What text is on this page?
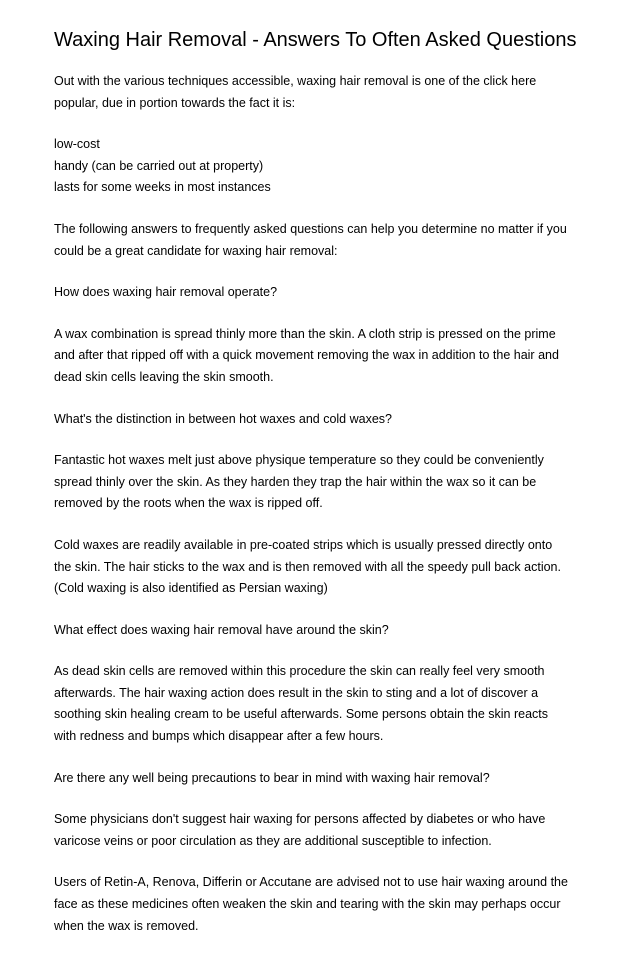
Waxing Hair Removal - Answers To Often Asked Questions

Out with the various techniques accessible, waxing hair removal is one of the click here
popular, due in portion towards the fact it is:

low-cost
handy (can be carried out at property)
lasts for some weeks in most instances

The following answers to frequently asked questions can help you determine no matter if you
could be a great candidate for waxing hair removal:

How does waxing hair removal operate?

A wax combination is spread thinly more than the skin. A cloth strip is pressed on the prime
and after that ripped off with a quick movement removing the wax in addition to the hair and
dead skin cells leaving the skin smooth.

What's the distinction in between hot waxes and cold waxes?

Fantastic hot waxes melt just above physique temperature so they could be conveniently
spread thinly over the skin. As they harden they trap the hair within the wax so it can be
removed by the roots when the wax is ripped off.

Cold waxes are readily available in pre-coated strips which is usually pressed directly onto
the skin. The hair sticks to the wax and is then removed with all the speedy pull back action.
(Cold waxing is also identified as Persian waxing)

What effect does waxing hair removal have around the skin?

As dead skin cells are removed within this procedure the skin can really feel very smooth
afterwards. The hair waxing action does result in the skin to sting and a lot of discover a
soothing skin healing cream to be useful afterwards. Some persons obtain the skin reacts
with redness and bumps which disappear after a few hours.

Are there any well being precautions to bear in mind with waxing hair removal?

Some physicians don't suggest hair waxing for persons affected by diabetes or who have
varicose veins or poor circulation as they are additional susceptible to infection.

Users of Retin-A, Renova, Differin or Accutane are advised not to use hair waxing around the
face as these medicines often weaken the skin and tearing with the skin may perhaps occur
when the wax is removed.
